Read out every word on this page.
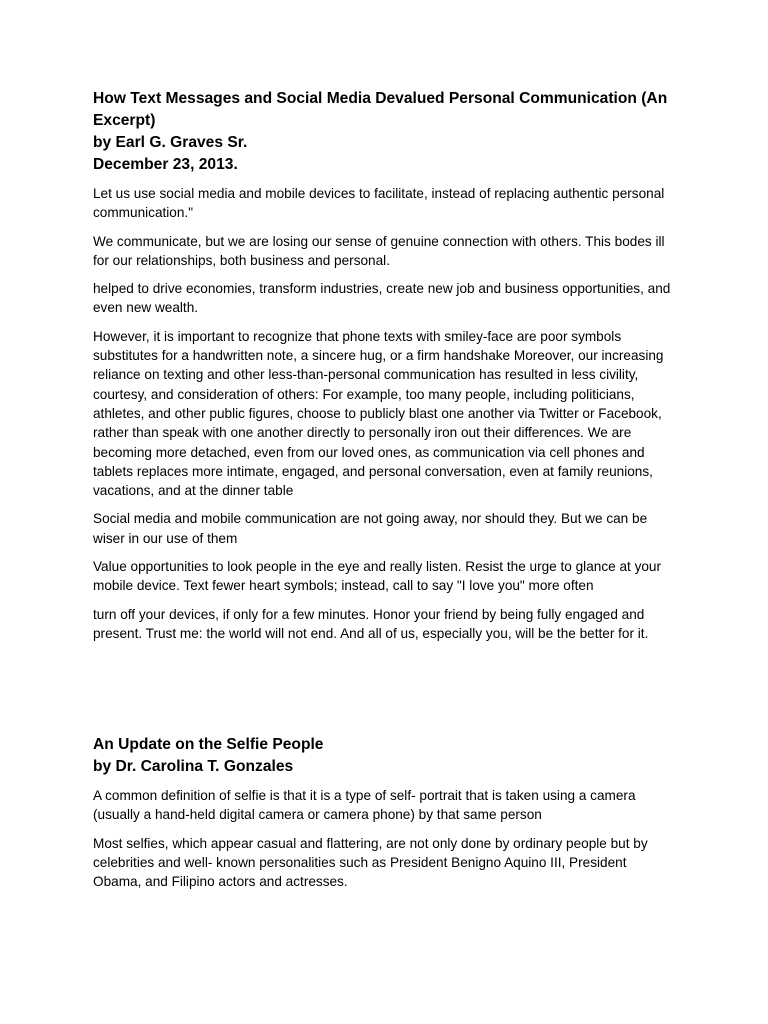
How Text Messages and Social Media Devalued Personal Communication (An Excerpt)

by Earl G. Graves Sr.

December 23, 2013.

Let us use social media and mobile devices to facilitate, instead of replacing authentic personal communication."

We communicate, but we are losing our sense of genuine connection with others. This bodes ill for our relationships, both business and personal.

helped to drive economies, transform industries, create new job and business opportunities, and even new wealth.

However, it is important to recognize that phone texts with smiley-face are poor symbols substitutes for a handwritten note, a sincere hug, or a firm handshake Moreover, our increasing reliance on texting and other less-than-personal communication has resulted in less civility, courtesy, and consideration of others: For example, too many people, including politicians, athletes, and other public figures, choose to publicly blast one another via Twitter or Facebook, rather than speak with one another directly to personally iron out their differences. We are becoming more detached, even from our loved ones, as communication via cell phones and tablets replaces more intimate, engaged, and personal conversation, even at family reunions, vacations, and at the dinner table

Social media and mobile communication are not going away, nor should they. But we can be wiser in our use of them

Value opportunities to look people in the eye and really listen. Resist the urge to glance at your mobile device. Text fewer heart symbols; instead, call to say "I love you" more often

turn off your devices, if only for a few minutes. Honor your friend by being fully engaged and present. Trust me: the world will not end. And all of us, especially you, will be the better for it.

An Update on the Selfie People

by Dr. Carolina T. Gonzales

A common definition of selfie is that it is a type of self- portrait that is taken using a camera (usually a hand-held digital camera or camera phone) by that same person

Most selfies, which appear casual and flattering, are not only done by ordinary people but by celebrities and well- known personalities such as President Benigno Aquino III, President Obama, and Filipino actors and actresses.
